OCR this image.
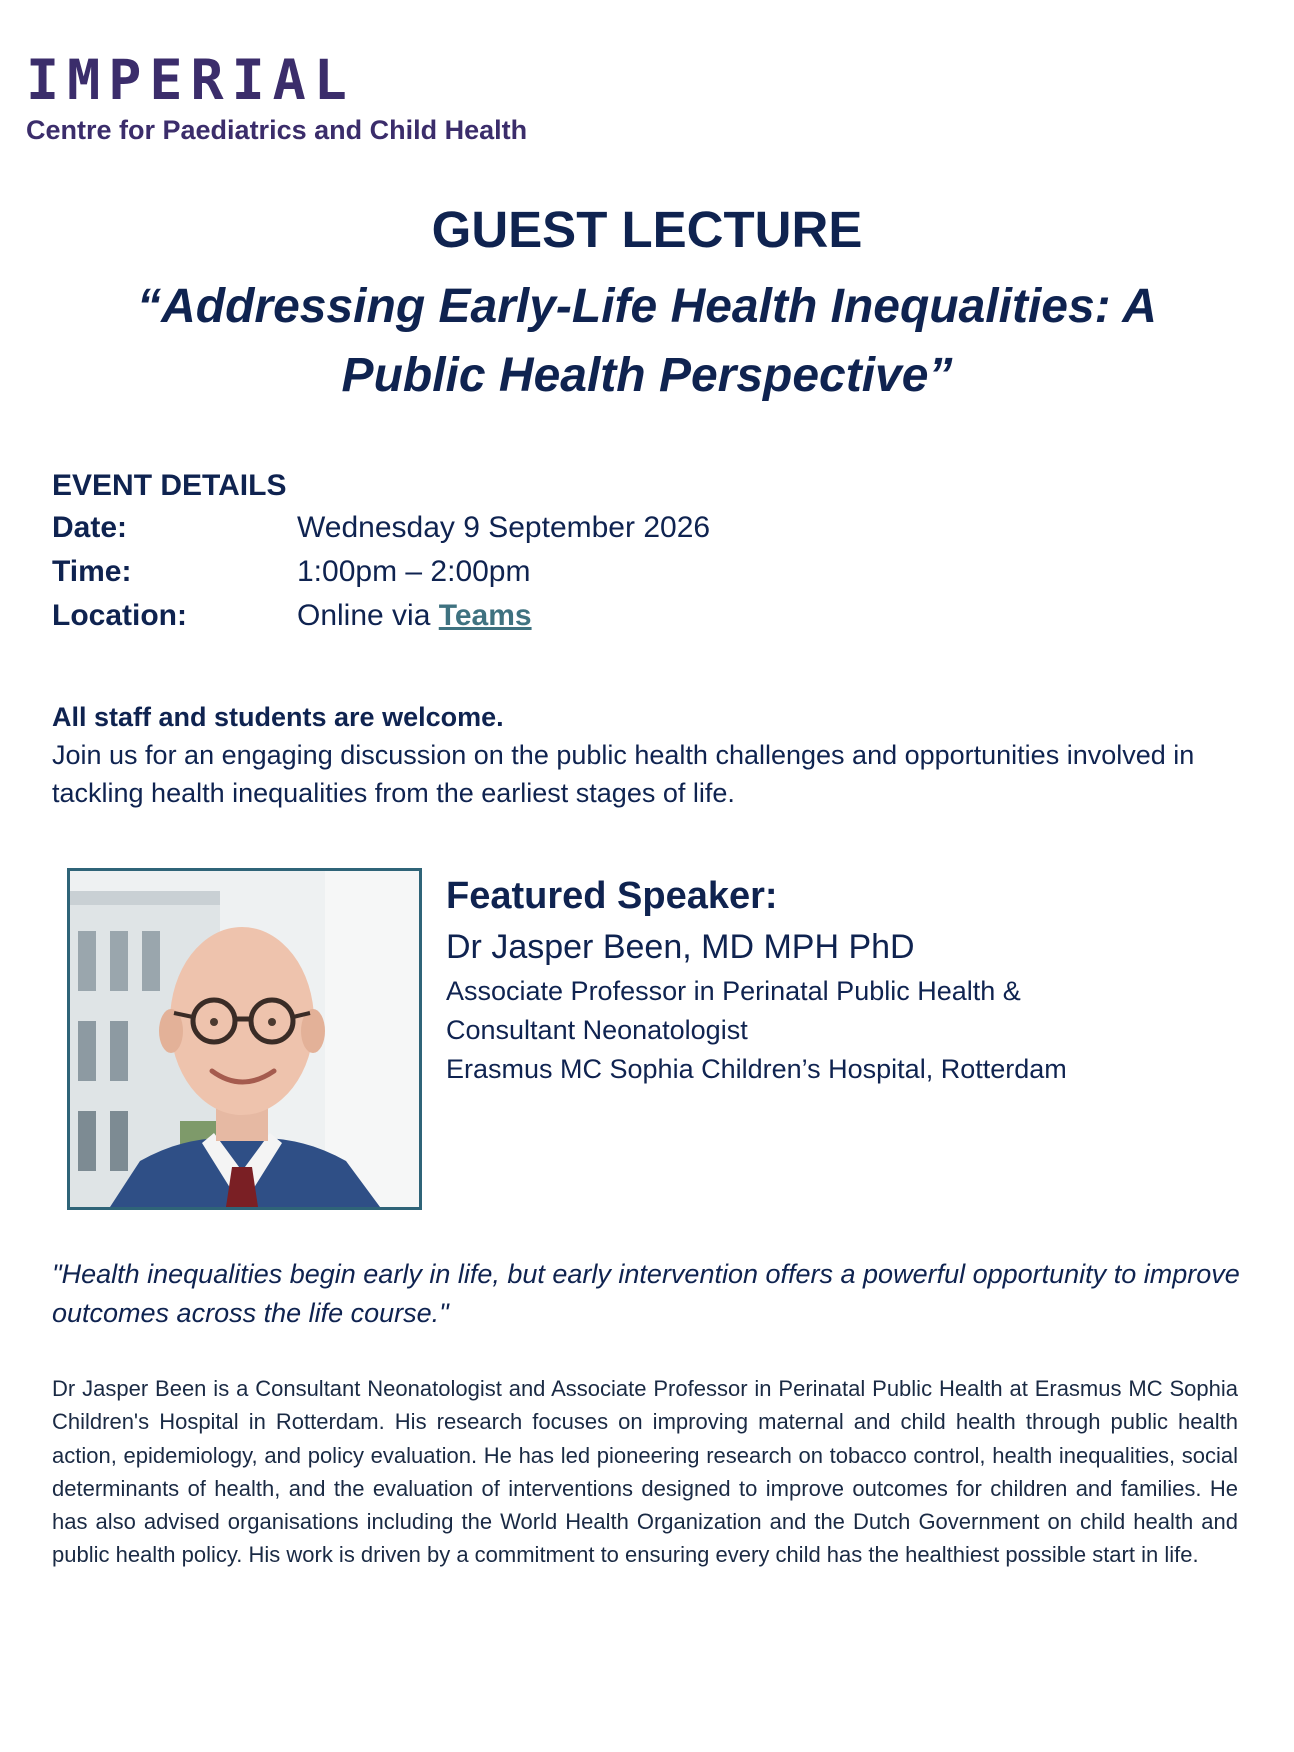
IMPERIAL
Centre for Paediatrics and Child Health
GUEST LECTURE
“Addressing Early-Life Health Inequalities: A
Public Health Perspective”
EVENT DETAILS
Date:	Wednesday 9 September 2026
Time:	1:00pm – 2:00pm
Location:	Online via Teams
All staff and students are welcome.
Join us for an engaging discussion on the public health challenges and opportunities involved in tackling health inequalities from the earliest stages of life.
Featured Speaker:
Dr Jasper Been, MD MPH PhD
Associate Professor in Perinatal Public Health &
Consultant Neonatologist
Erasmus MC Sophia Children’s Hospital, Rotterdam
"Health inequalities begin early in life, but early intervention offers a powerful opportunity to improve outcomes across the life course."
Dr Jasper Been is a Consultant Neonatologist and Associate Professor in Perinatal Public Health at Erasmus MC Sophia Children's Hospital in Rotterdam. His research focuses on improving maternal and child health through public health action, epidemiology, and policy evaluation. He has led pioneering research on tobacco control, health inequalities, social determinants of health, and the evaluation of interventions designed to improve outcomes for children and families. He has also advised organisations including the World Health Organization and the Dutch Government on child health and public health policy. His work is driven by a commitment to ensuring every child has the healthiest possible start in life.
